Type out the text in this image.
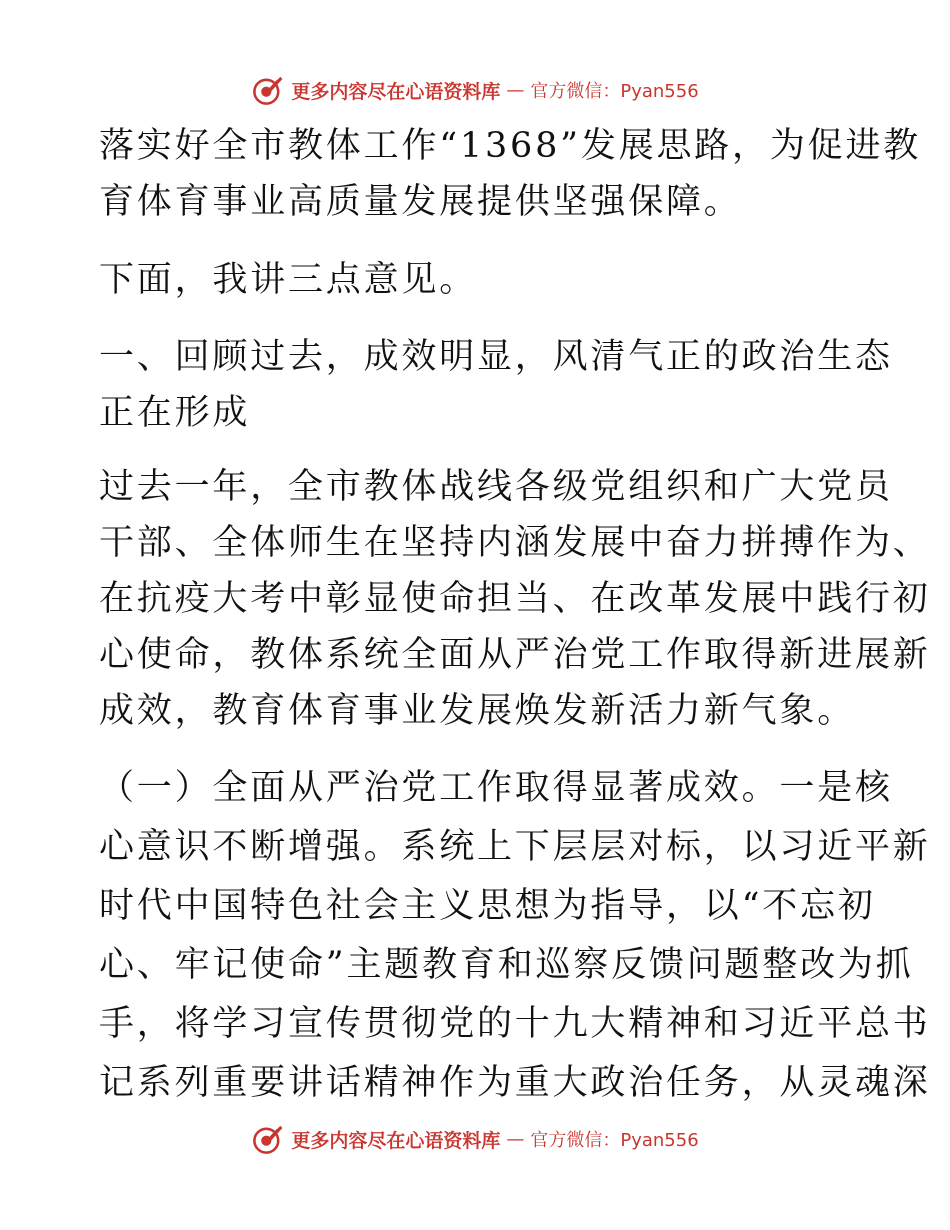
更多内容尽在心语资料库 — 官方微信：Pyan556
落实好全市教体工作“1368”发展思路，为促进教
育体育事业高质量发展提供坚强保障。
下面，我讲三点意见。
一、回顾过去，成效明显，风清气正的政治生态
正在形成
过去一年，全市教体战线各级党组织和广大党员
干部、全体师生在坚持内涵发展中奋力拼搏作为、
在抗疫大考中彰显使命担当、在改革发展中践行初
心使命，教体系统全面从严治党工作取得新进展新
成效，教育体育事业发展焕发新活力新气象。
（一）全面从严治党工作取得显著成效。一是核
心意识不断增强。系统上下层层对标，以习近平新
时代中国特色社会主义思想为指导，以“不忘初
心、牢记使命”主题教育和巡察反馈问题整改为抓
手，将学习宣传贯彻党的十九大精神和习近平总书
记系列重要讲话精神作为重大政治任务，从灵魂深
更多内容尽在心语资料库 — 官方微信：Pyan556
